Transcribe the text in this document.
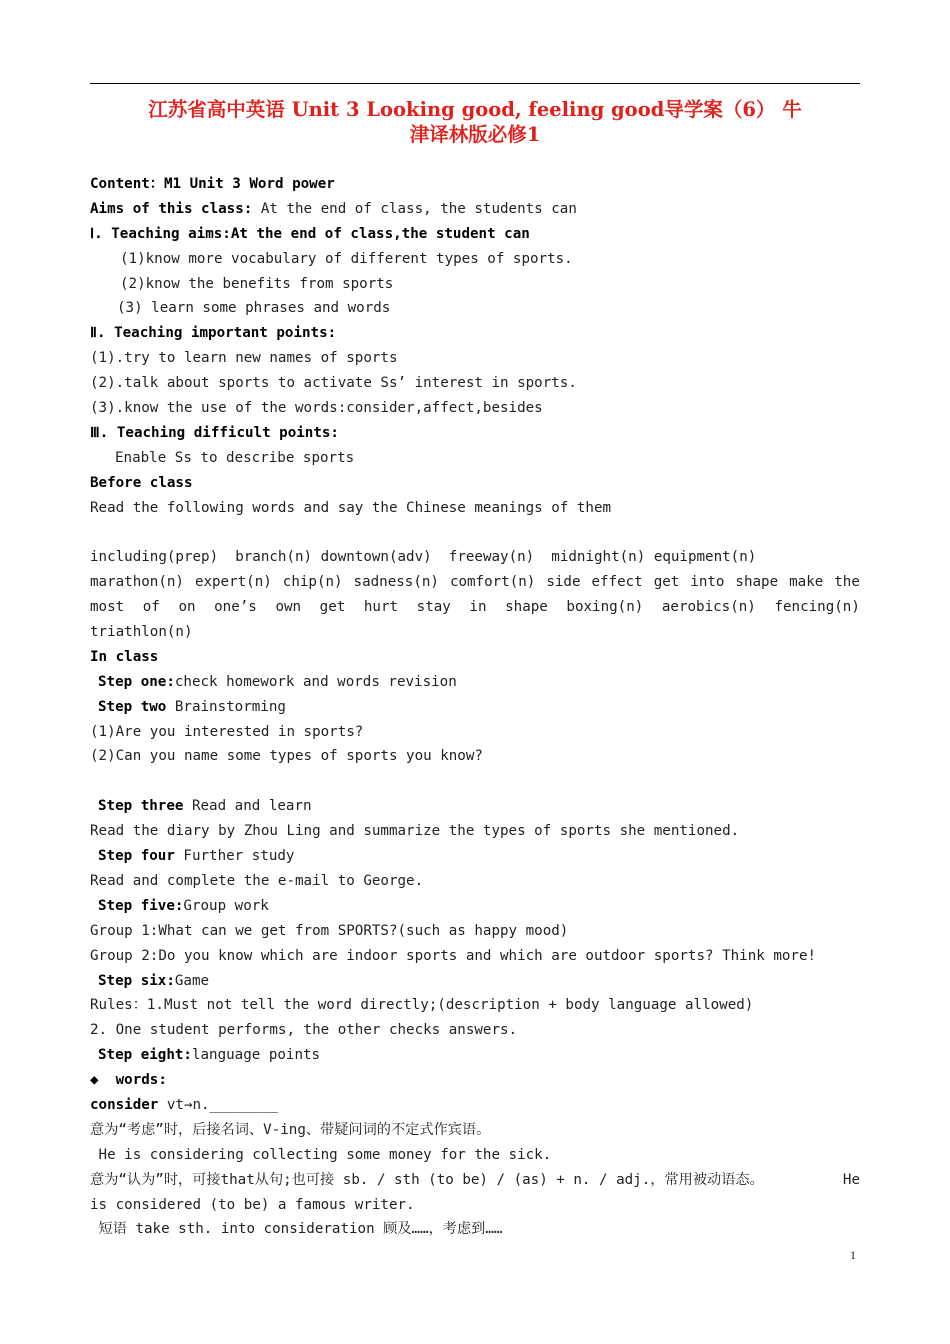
江苏省高中英语 Unit 3 Looking good, feeling good导学案（6） 牛
津译林版必修1
Content：M1 Unit 3 Word power
Aims of this class: At the end of class, the students can
Ⅰ. Teaching aims:At the end of class,the student can
(1)know more vocabulary of different types of sports.
(2)know the benefits from sports
(3) learn some phrases and words
Ⅱ. Teaching important points:
(1).try to learn new names of sports
(2).talk about sports to activate Ss’ interest in sports.
(3).know the use of the words:consider,affect,besides
Ⅲ. Teaching difficult points:
Enable Ss to describe sports
Before class
Read the following words and say the Chinese meanings of them

including(prep) branch(n) downtown(adv) freeway(n) midnight(n) equipment(n)
marathon(n) expert(n) chip(n) sadness(n) comfort(n) side effect get into shape make the
most of on one’s own get hurt stay in shape boxing(n) aerobics(n) fencing(n)
triathlon(n)
In class
Step one:check homework and words revision
Step two Brainstorming
(1)Are you interested in sports?
(2)Can you name some types of sports you know?
Step three Read and learn
Read the diary by Zhou Ling and summarize the types of sports she mentioned.
Step four Further study
Read and complete the e-mail to George.
Step five:Group work
Group 1:What can we get from SPORTS?(such as happy mood)
Group 2:Do you know which are indoor sports and which are outdoor sports? Think more!
Step six:Game
Rules：1.Must not tell the word directly;(description + body language allowed)
2. One student performs, the other checks answers.
Step eight:language points
◆  words:
consider vt→n.________
意为“考虑”时，后接名词、V-ing、带疑问词的不定式作宾语。
He is considering collecting some money for the sick.
意为“认为”时，可接that从句;也可接 sb. / sth (to be) / (as) + n. / adj.，常用被动语态。	He
is considered (to be) a famous writer.
短语 take sth. into consideration 顾及……，考虑到……
1
